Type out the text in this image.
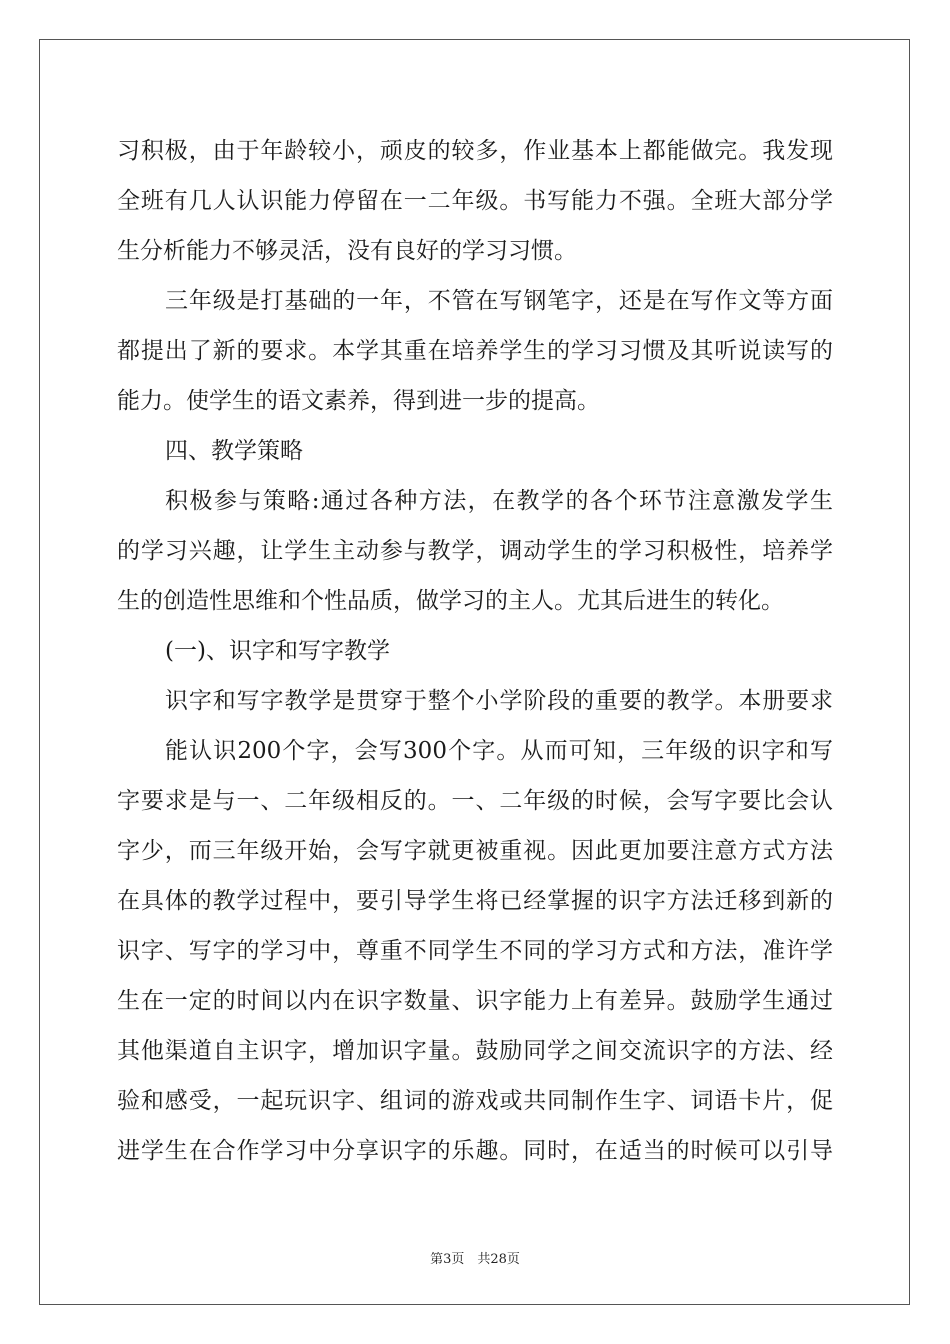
习积极，由于年龄较小，顽皮的较多，作业基本上都能做完。我发现
全班有几人认识能力停留在一二年级。书写能力不强。全班大部分学
生分析能力不够灵活，没有良好的学习习惯。
三年级是打基础的一年，不管在写钢笔字，还是在写作文等方面
都提出了新的要求。本学其重在培养学生的学习习惯及其听说读写的
能力。使学生的语文素养，得到进一步的提高。
四、教学策略
积极参与策略:通过各种方法，在教学的各个环节注意激发学生
的学习兴趣，让学生主动参与教学，调动学生的学习积极性，培养学
生的创造性思维和个性品质，做学习的主人。尤其后进生的转化。
(一)、识字和写字教学
识字和写字教学是贯穿于整个小学阶段的重要的教学。本册要求
能认识200个字，会写300个字。从而可知，三年级的识字和写
字要求是与一、二年级相反的。一、二年级的时候，会写字要比会认
字少，而三年级开始，会写字就更被重视。因此更加要注意方式方法
在具体的教学过程中，要引导学生将已经掌握的识字方法迁移到新的
识字、写字的学习中，尊重不同学生不同的学习方式和方法，准许学
生在一定的时间以内在识字数量、识字能力上有差异。鼓励学生通过
其他渠道自主识字，增加识字量。鼓励同学之间交流识字的方法、经
验和感受，一起玩识字、组词的游戏或共同制作生字、词语卡片，促
进学生在合作学习中分享识字的乐趣。同时，在适当的时候可以引导
第3页　共28页
